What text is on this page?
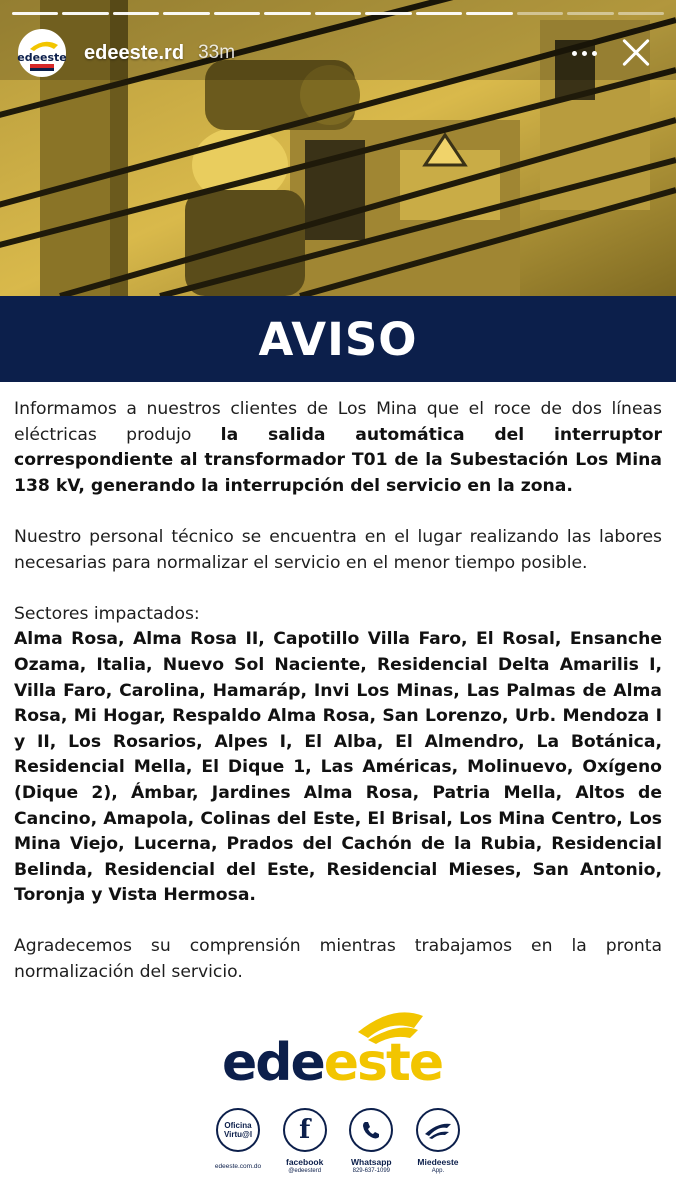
edeeste edeeste.rd 33m
AVISO

Informamos a nuestros clientes de Los Mina que el roce de dos líneas eléctricas produjo la salida automática del interruptor correspondiente al transformador T01 de la Subestación Los Mina 138 kV, generando la interrupción del servicio en la zona.

Nuestro personal técnico se encuentra en el lugar realizando las labores necesarias para normalizar el servicio en el menor tiempo posible.

Sectores impactados:
Alma Rosa, Alma Rosa II, Capotillo Villa Faro, El Rosal, Ensanche Ozama, Italia, Nuevo Sol Naciente, Residencial Delta Amarilis I, Villa Faro, Carolina, Hamaráp, Invi Los Minas, Las Palmas de Alma Rosa, Mi Hogar, Respaldo Alma Rosa, San Lorenzo, Urb. Mendoza I y II, Los Rosarios, Alpes I, El Alba, El Almendro, La Botánica, Residencial Mella, El Dique 1, Las Américas, Molinuevo, Oxígeno (Dique 2), Ámbar, Jardines Alma Rosa, Patria Mella, Altos de Cancino, Amapola, Colinas del Este, El Brisal, Los Mina Centro, Los Mina Viejo, Lucerna, Prados del Cachón de la Rubia, Residencial Belinda, Residencial del Este, Residencial Mieses, San Antonio, Toronja y Vista Hermosa.

Agradecemos su comprensión mientras trabajamos en la pronta normalización del servicio.

edeeste
Oficina
Virtu@l
edeeste.com.do
f
facebook
@edeesterd
Whatsapp
829-637-1099
Miedeeste
App.
